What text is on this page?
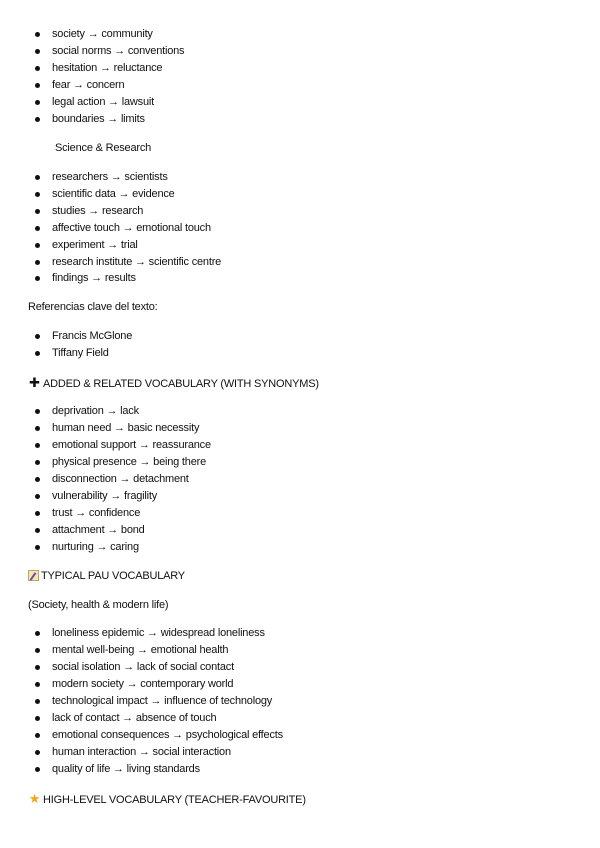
society → community
social norms → conventions
hesitation → reluctance
fear → concern
legal action → lawsuit
boundaries → limits
Science & Research
researchers → scientists
scientific data → evidence
studies → research
affective touch → emotional touch
experiment → trial
research institute → scientific centre
findings → results
Referencias clave del texto:
Francis McGlone
Tiffany Field
✚ ADDED & RELATED VOCABULARY (WITH SYNONYMS)
deprivation → lack
human need → basic necessity
emotional support → reassurance
physical presence → being there
disconnection → detachment
vulnerability → fragility
trust → confidence
attachment → bond
nurturing → caring
TYPICAL PAU VOCABULARY
(Society, health & modern life)
loneliness epidemic → widespread loneliness
mental well-being → emotional health
social isolation → lack of social contact
modern society → contemporary world
technological impact → influence of technology
lack of contact → absence of touch
emotional consequences → psychological effects
human interaction → social interaction
quality of life → living standards
★ HIGH-LEVEL VOCABULARY (TEACHER-FAVOURITE)
